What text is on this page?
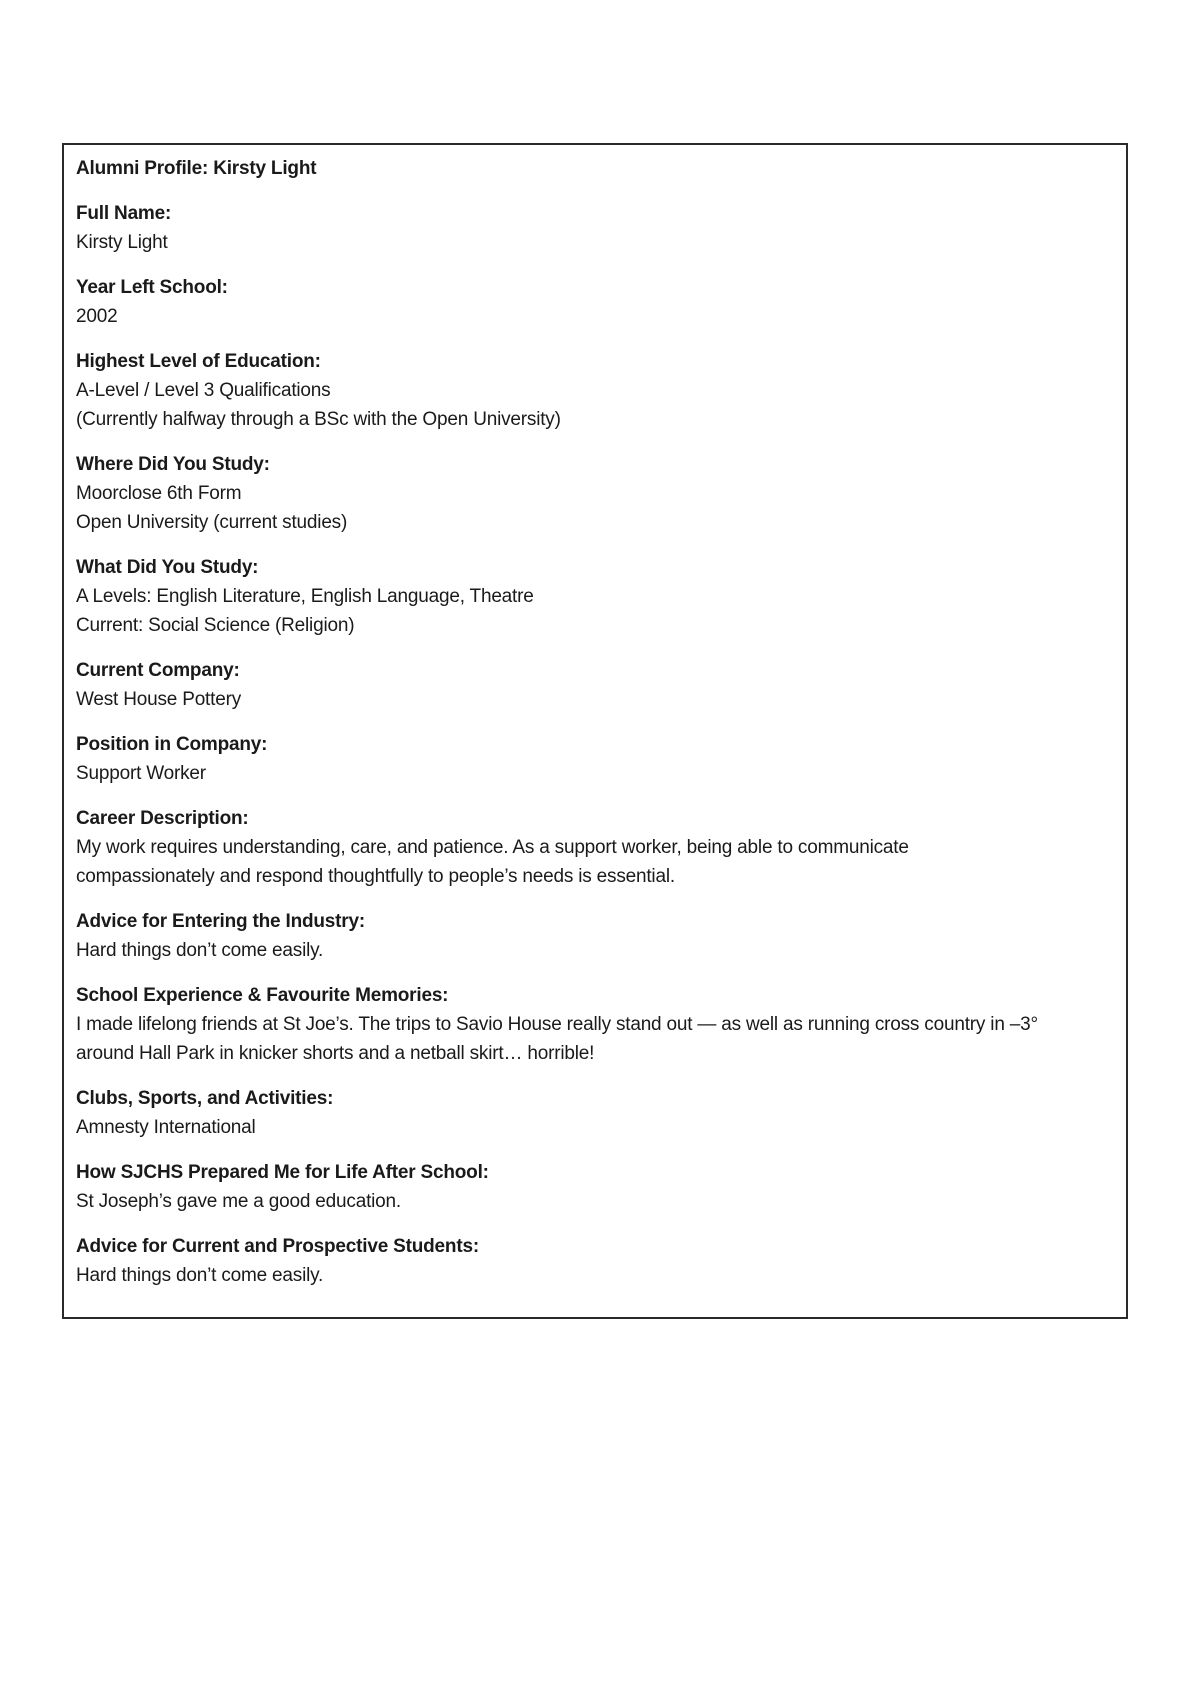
Alumni Profile: Kirsty Light

Full Name:
Kirsty Light
Year Left School:
2002
Highest Level of Education:
A-Level / Level 3 Qualifications
(Currently halfway through a BSc with the Open University)
Where Did You Study:
Moorclose 6th Form
Open University (current studies)
What Did You Study:
A Levels: English Literature, English Language, Theatre
Current: Social Science (Religion)
Current Company:
West House Pottery
Position in Company:
Support Worker
Career Description:
My work requires understanding, care, and patience. As a support worker, being able to communicate
compassionately and respond thoughtfully to people’s needs is essential.
Advice for Entering the Industry:
Hard things don’t come easily.
School Experience & Favourite Memories:
I made lifelong friends at St Joe’s. The trips to Savio House really stand out — as well as running cross country in –3°
around Hall Park in knicker shorts and a netball skirt… horrible!
Clubs, Sports, and Activities:
Amnesty International
How SJCHS Prepared Me for Life After School:
St Joseph’s gave me a good education.
Advice for Current and Prospective Students:
Hard things don’t come easily.
